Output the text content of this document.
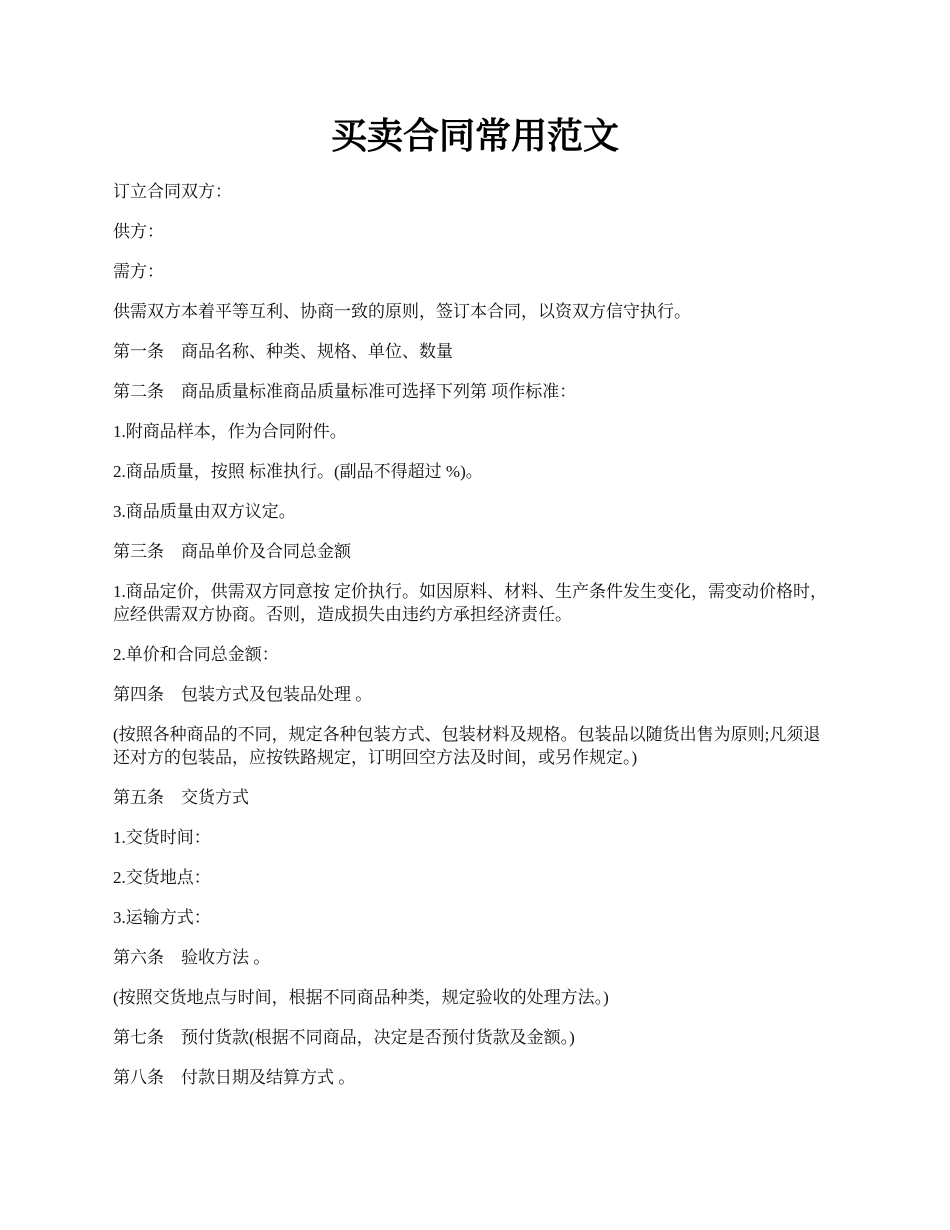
买卖合同常用范文

订立合同双方：

供方：

需方：

供需双方本着平等互利、协商一致的原则，签订本合同，以资双方信守执行。

第一条　商品名称、种类、规格、单位、数量

第二条　商品质量标准商品质量标准可选择下列第 项作标准：

1.附商品样本，作为合同附件。

2.商品质量，按照 标准执行。(副品不得超过 %)。

3.商品质量由双方议定。

第三条　商品单价及合同总金额

1.商品定价，供需双方同意按 定价执行。如因原料、材料、生产条件发生变化，需变动价格时，应经供需双方协商。否则，造成损失由违约方承担经济责任。

2.单价和合同总金额：

第四条　包装方式及包装品处理 。

(按照各种商品的不同，规定各种包装方式、包装材料及规格。包装品以随货出售为原则;凡须退还对方的包装品，应按铁路规定，订明回空方法及时间，或另作规定。)

第五条　交货方式

1.交货时间：

2.交货地点：

3.运输方式：

第六条　验收方法 。

(按照交货地点与时间，根据不同商品种类，规定验收的处理方法。)

第七条　预付货款(根据不同商品，决定是否预付货款及金额。)

第八条　付款日期及结算方式 。
